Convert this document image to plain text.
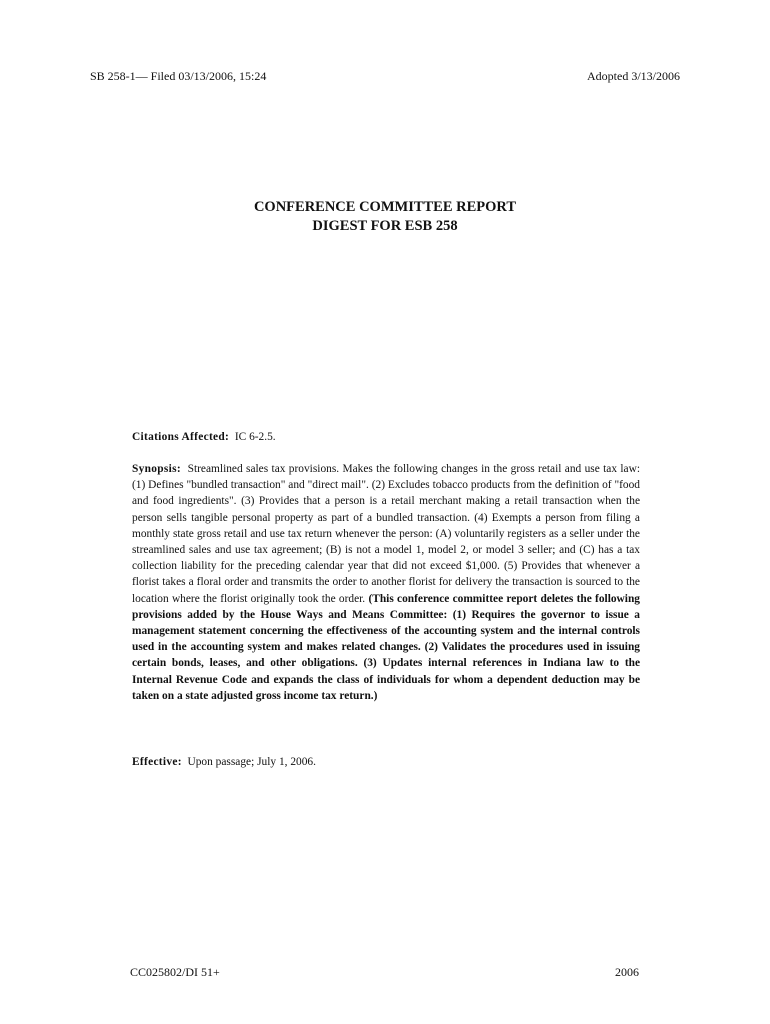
SB 258-1— Filed 03/13/2006, 15:24	Adopted 3/13/2006
CONFERENCE COMMITTEE REPORT
DIGEST FOR ESB 258
Citations Affected: IC 6-2.5.
Synopsis: Streamlined sales tax provisions. Makes the following changes in the gross retail and use tax law: (1) Defines "bundled transaction" and "direct mail". (2) Excludes tobacco products from the definition of "food and food ingredients". (3) Provides that a person is a retail merchant making a retail transaction when the person sells tangible personal property as part of a bundled transaction. (4) Exempts a person from filing a monthly state gross retail and use tax return whenever the person: (A) voluntarily registers as a seller under the streamlined sales and use tax agreement; (B) is not a model 1, model 2, or model 3 seller; and (C) has a tax collection liability for the preceding calendar year that did not exceed $1,000. (5) Provides that whenever a florist takes a floral order and transmits the order to another florist for delivery the transaction is sourced to the location where the florist originally took the order. (This conference committee report deletes the following provisions added by the House Ways and Means Committee: (1) Requires the governor to issue a management statement concerning the effectiveness of the accounting system and the internal controls used in the accounting system and makes related changes. (2) Validates the procedures used in issuing certain bonds, leases, and other obligations. (3) Updates internal references in Indiana law to the Internal Revenue Code and expands the class of individuals for whom a dependent deduction may be taken on a state adjusted gross income tax return.)
Effective: Upon passage; July 1, 2006.
CC025802/DI 51+	2006
